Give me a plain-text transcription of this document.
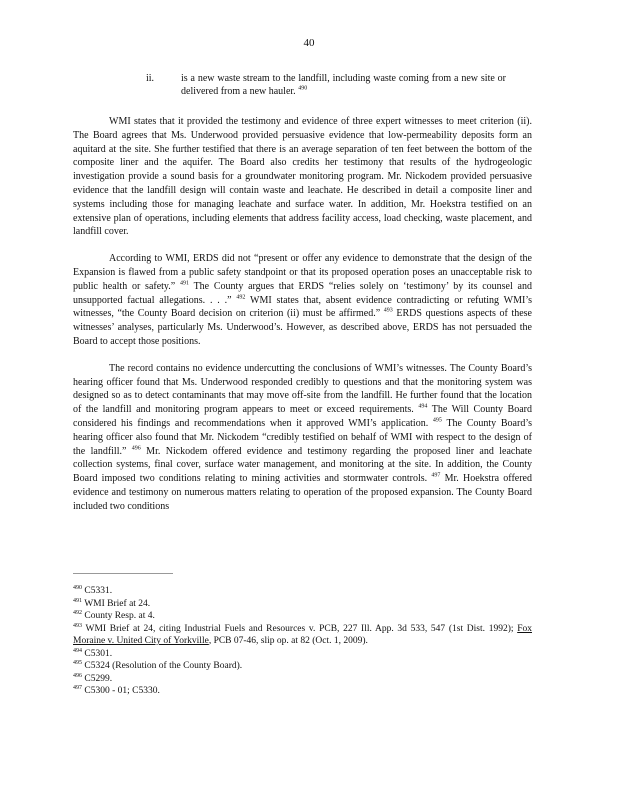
40
ii.	is a new waste stream to the landfill, including waste coming from a new site or delivered from a new hauler. $^{490}$

WMI states that it provided the testimony and evidence of three expert witnesses to meet criterion (ii). The Board agrees that Ms. Underwood provided persuasive evidence that low-permeability deposits form an aquitard at the site. She further testified that there is an average separation of ten feet between the bottom of the composite liner and the aquifer. The Board also credits her testimony that results of the hydrogeologic investigation provide a sound basis for a groundwater monitoring program. Mr. Nickodem provided persuasive evidence that the landfill design will contain waste and leachate. He described in detail a composite liner and systems including those for managing leachate and surface water. In addition, Mr. Hoekstra testified on an extensive plan of operations, including elements that address facility access, load checking, waste placement, and landfill cover.

According to WMI, ERDS did not “present or offer any evidence to demonstrate that the design of the Expansion is flawed from a public safety standpoint or that its proposed operation poses an unacceptable risk to public health or safety.” $^{491}$ The County argues that ERDS “relies solely on ‘testimony’ by its counsel and unsupported factual allegations. . . .” $^{492}$ WMI states that, absent evidence contradicting or refuting WMI’s witnesses, “the County Board decision on criterion (ii) must be affirmed.” $^{493}$ ERDS questions aspects of these witnesses’ analyses, particularly Ms. Underwood’s. However, as described above, ERDS has not persuaded the Board to accept those positions.

The record contains no evidence undercutting the conclusions of WMI’s witnesses. The County Board’s hearing officer found that Ms. Underwood responded credibly to questions and that the monitoring system was designed so as to detect contaminants that may move off-site from the landfill. He further found that the location of the landfill and monitoring program appears to meet or exceed requirements. $^{494}$ The Will County Board considered his findings and recommendations when it approved WMI’s application. $^{495}$ The County Board’s hearing officer also found that Mr. Nickodem “credibly testified on behalf of WMI with respect to the design of the landfill.” $^{496}$ Mr. Nickodem offered evidence and testimony regarding the proposed liner and leachate collection systems, final cover, surface water management, and monitoring at the site. In addition, the County Board imposed two conditions relating to mining activities and stormwater controls. $^{497}$ Mr. Hoekstra offered evidence and testimony on numerous matters relating to operation of the proposed expansion. The County Board included two conditions

$^{490}$ C5331.

$^{491}$ WMI Brief at 24.

$^{492}$ County Resp. at 4.

$^{493}$ WMI Brief at 24, citing Industrial Fuels and Resources v. PCB, 227 Ill. App. 3d 533, 547 (1st Dist. 1992); Fox Moraine v. United City of Yorkville, PCB 07-46, slip op. at 82 (Oct. 1, 2009).

$^{494}$ C5301.

$^{495}$ C5324 (Resolution of the County Board).

$^{496}$ C5299.

$^{497}$ C5300 - 01; C5330.
